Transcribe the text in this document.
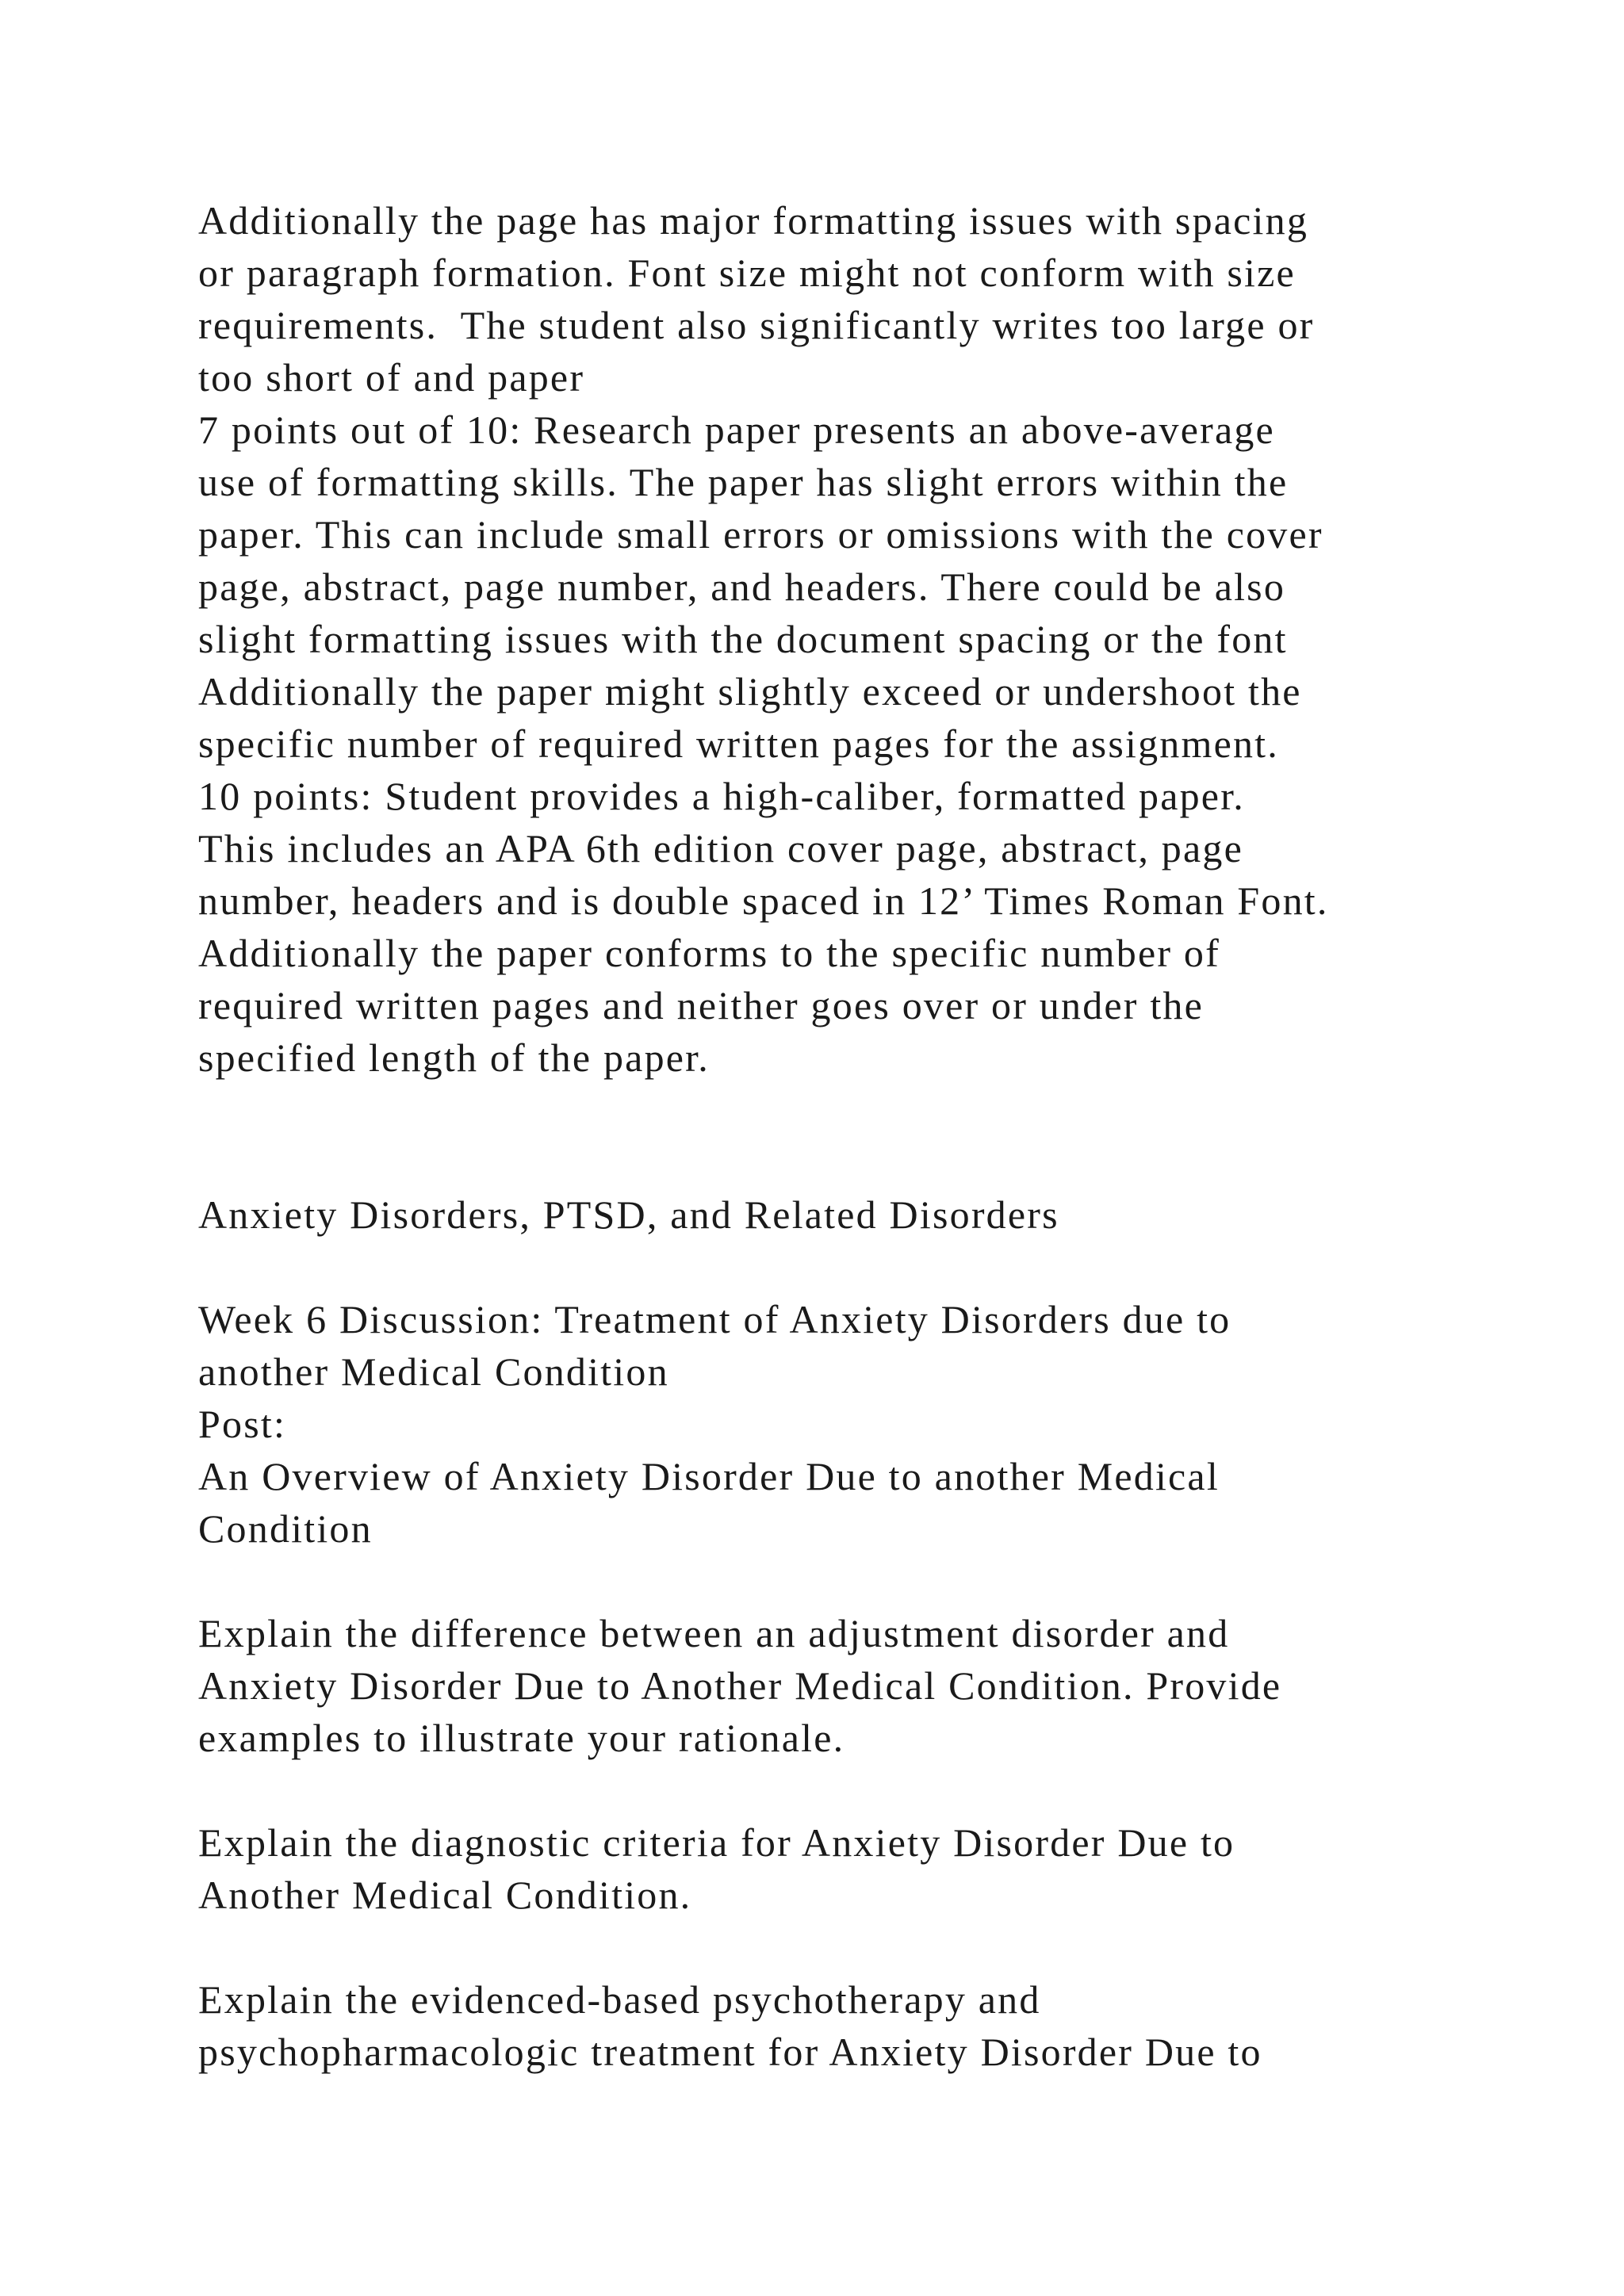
Additionally the page has major formatting issues with spacing
or paragraph formation. Font size might not conform with size
requirements.  The student also significantly writes too large or
too short of and paper
7 points out of 10: Research paper presents an above-average
use of formatting skills. The paper has slight errors within the
paper. This can include small errors or omissions with the cover
page, abstract, page number, and headers. There could be also
slight formatting issues with the document spacing or the font
Additionally the paper might slightly exceed or undershoot the
specific number of required written pages for the assignment.
10 points: Student provides a high-caliber, formatted paper.
This includes an APA 6th edition cover page, abstract, page
number, headers and is double spaced in 12’ Times Roman Font.
Additionally the paper conforms to the specific number of
required written pages and neither goes over or under the
specified length of the paper.
Anxiety Disorders, PTSD, and Related Disorders
Week 6 Discussion: Treatment of Anxiety Disorders due to
another Medical Condition
Post:
An Overview of Anxiety Disorder Due to another Medical
Condition
Explain the difference between an adjustment disorder and
Anxiety Disorder Due to Another Medical Condition. Provide
examples to illustrate your rationale.
Explain the diagnostic criteria for Anxiety Disorder Due to
Another Medical Condition.
Explain the evidenced-based psychotherapy and
psychopharmacologic treatment for Anxiety Disorder Due to
